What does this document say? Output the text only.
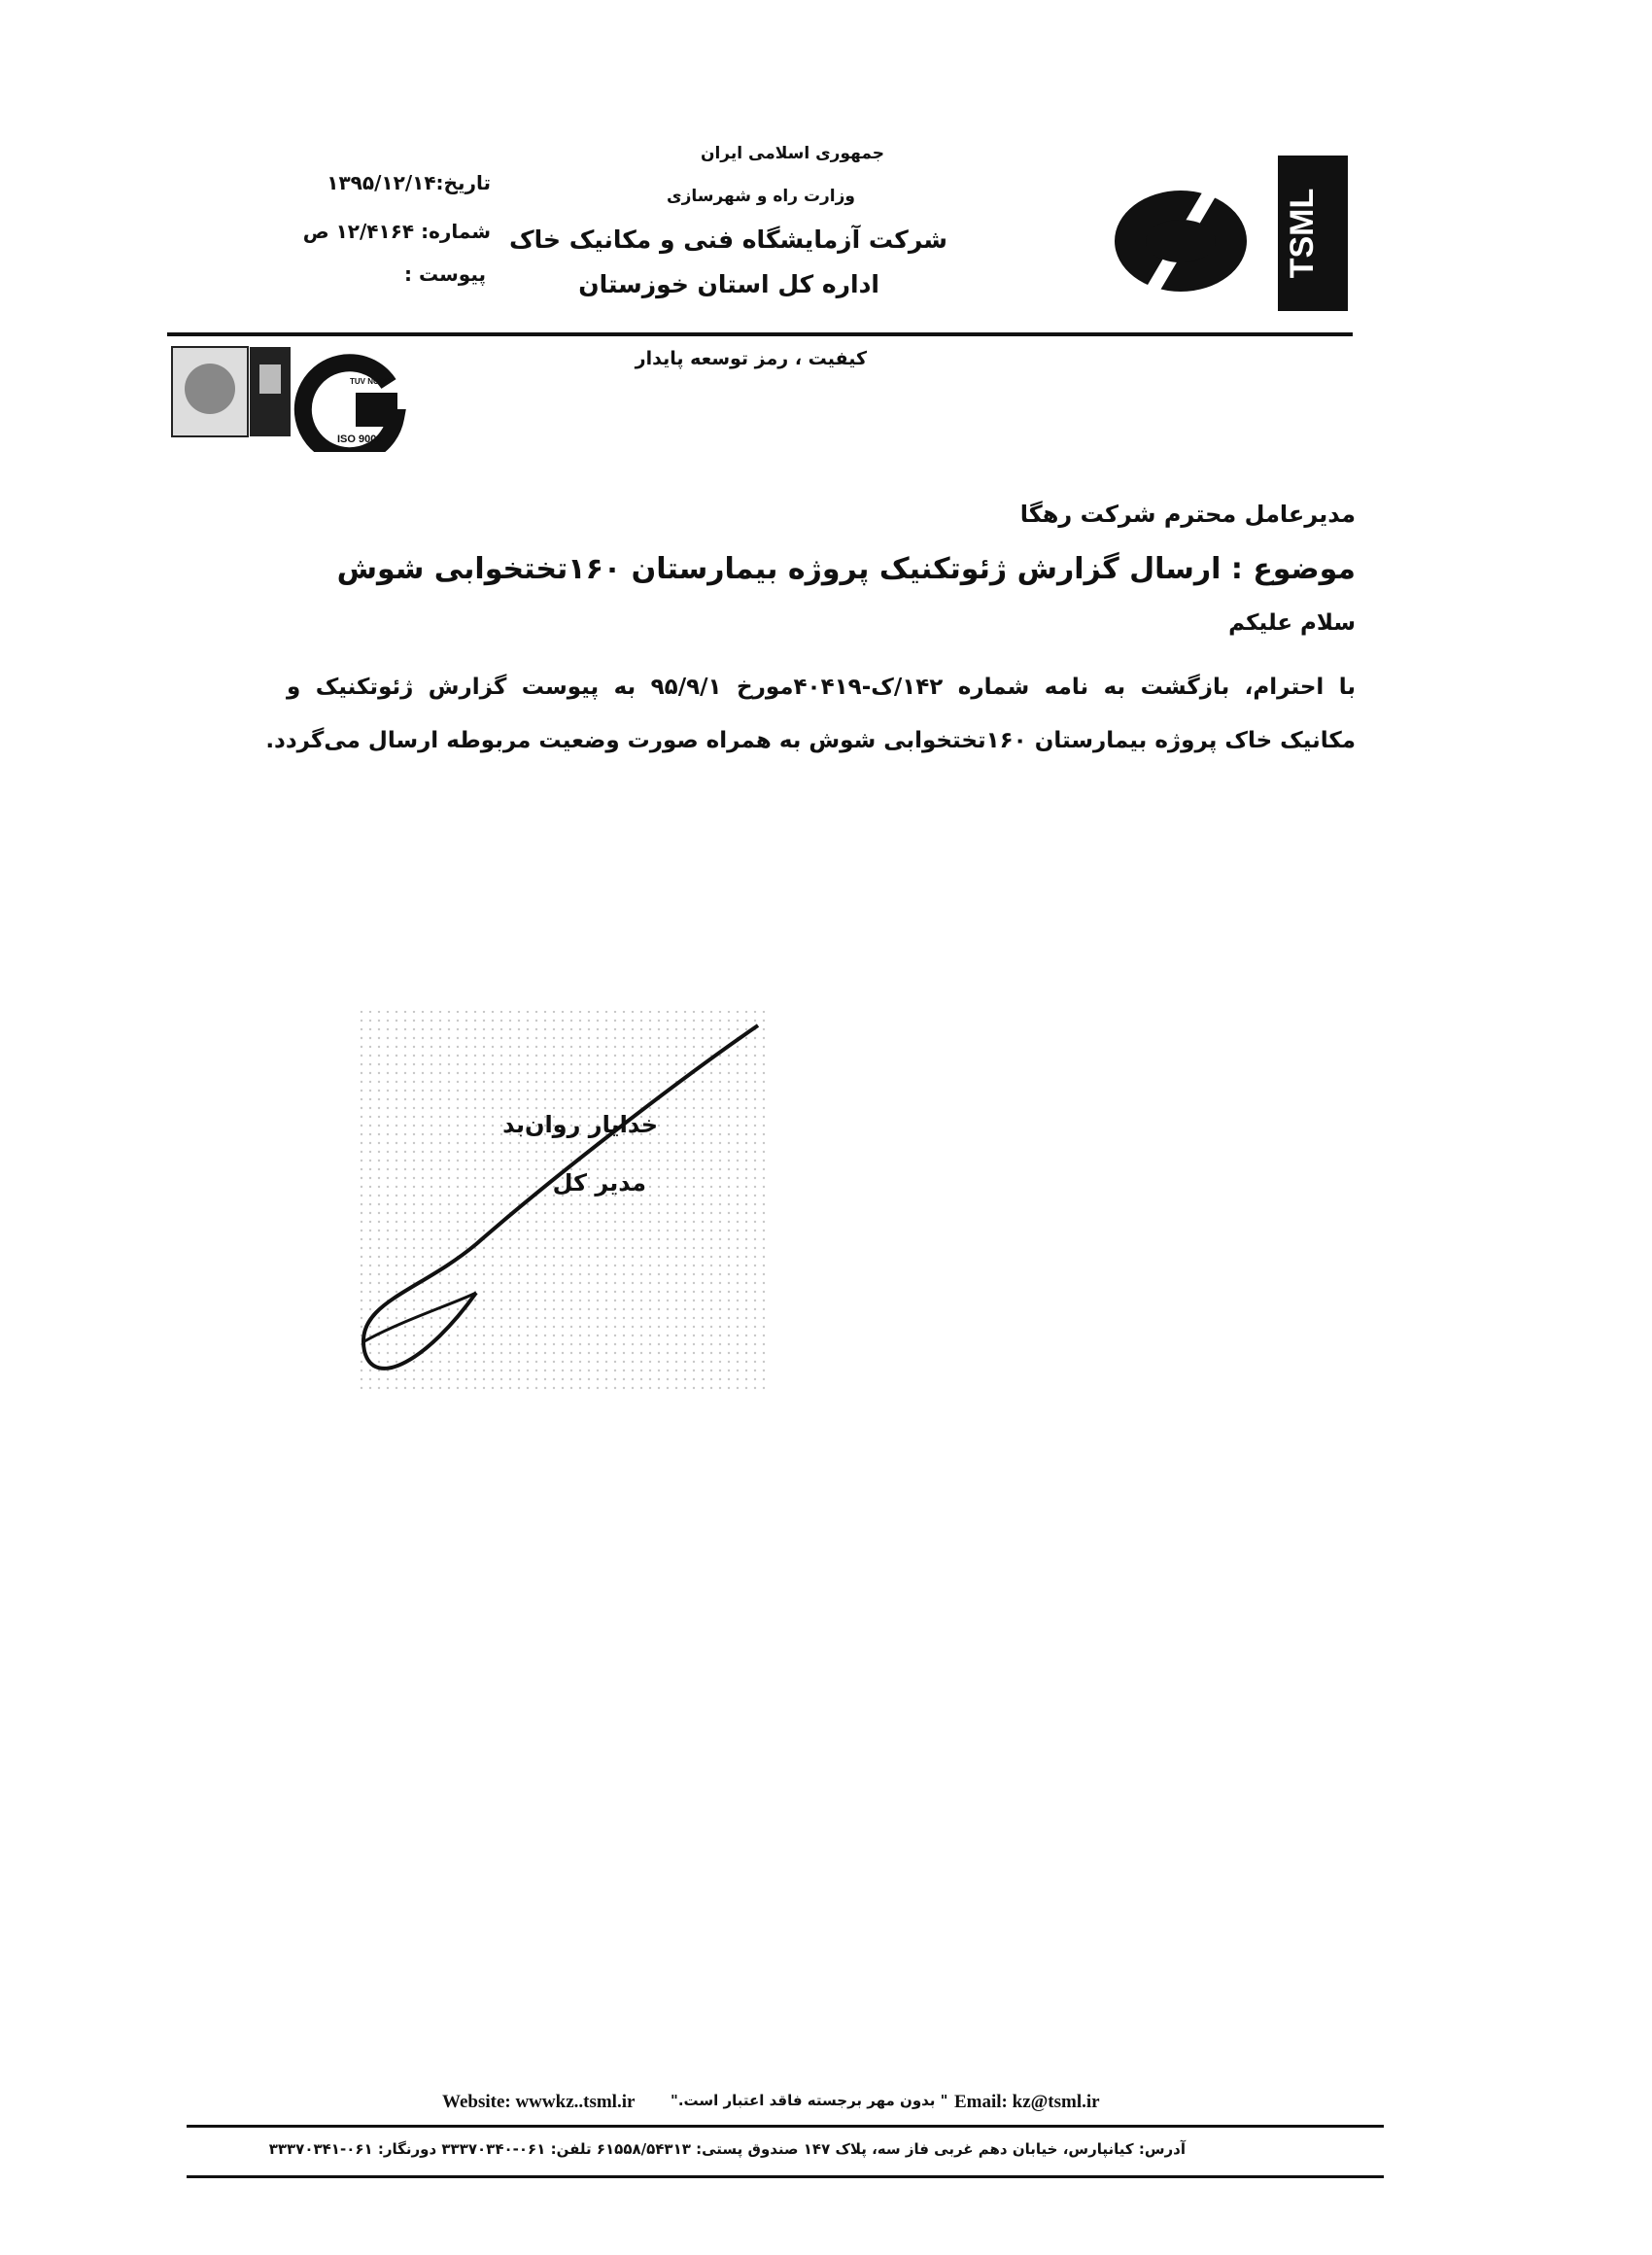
TSML
جمهوری اسلامی ایران
وزارت راه و شهرسازی
شرکت آزمایشگاه فنی و مکانیک خاک
اداره کل استان خوزستان
تاریخ:۱۳۹۵/۱۲/۱۴
شماره: ۱۲/۴۱۶۴ ص
پیوست :
کیفیت ، رمز توسعه پایدار
TUV NORD
ISO 9001
مدیرعامل محترم شرکت رهگا
موضوع : ارسال گزارش ژئوتکنیک پروژه بیمارستان ۱۶۰تختخوابی شوش
سلام علیکم
با احترام، بازگشت به نامه شماره ۱۴۲/ک-۴۰۴۱۹مورخ ۹۵/۹/۱ به پیوست گزارش ژئوتکنیک و
مکانیک خاک پروژه بیمارستان ۱۶۰تختخوابی شوش به همراه صورت وضعیت مربوطه ارسال می‌گردد.
خدایار روان‌بد
مدیر کل
Website: wwwkz..tsml.ir " بدون مهر برجسته فاقد اعتبار است." Email: kz@tsml.ir
آدرس: کیانپارس، خیابان دهم غربی فاز سه، پلاک ۱۴۷ صندوق پستی: ۶۱۵۵۸/۵۴۳۱۳ تلفن: ۰۶۱-۳۳۳۷۰۳۴۰ دورنگار: ۰۶۱-۳۳۳۷۰۳۴۱
